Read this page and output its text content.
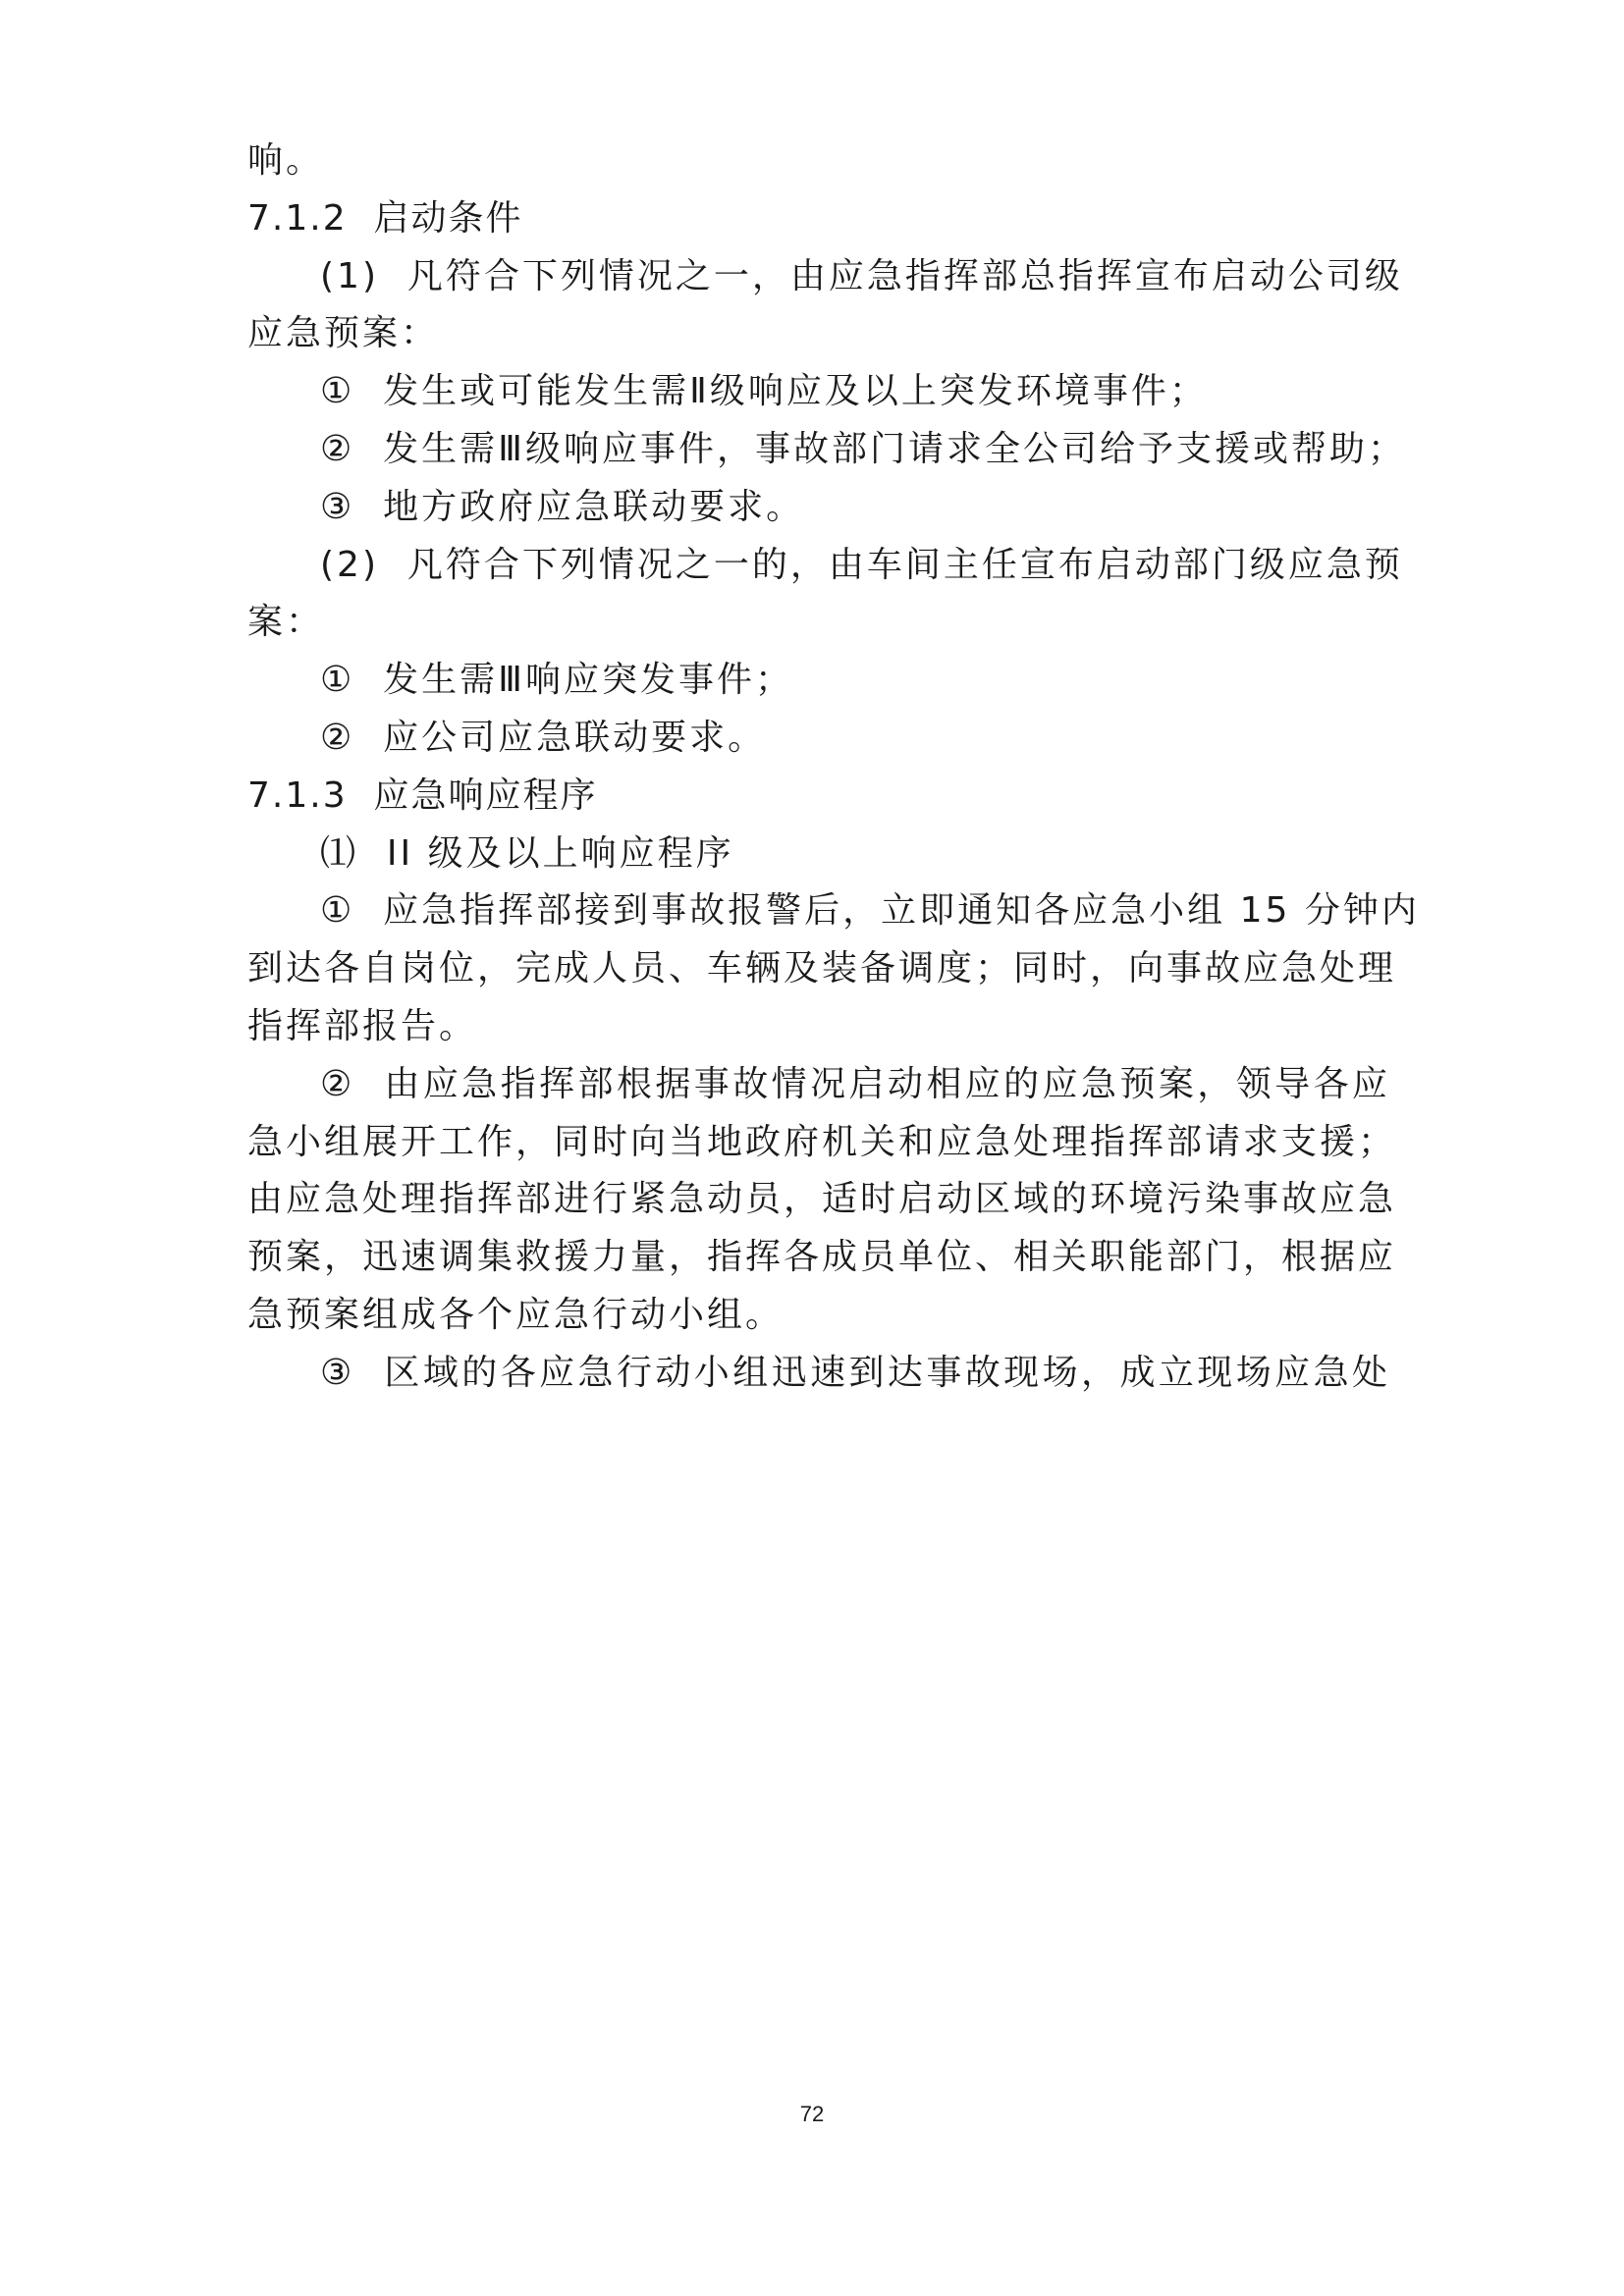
响。
7.1.2  启动条件
(1)  凡符合下列情况之一，由应急指挥部总指挥宣布启动公司级
应急预案：
①  发生或可能发生需Ⅱ级响应及以上突发环境事件；
②  发生需Ⅲ级响应事件，事故部门请求全公司给予支援或帮助；
③  地方政府应急联动要求。
(2)  凡符合下列情况之一的，由车间主任宣布启动部门级应急预
案：
①  发生需Ⅲ响应突发事件；
②  应公司应急联动要求。
7.1.3  应急响应程序
⑴  II 级及以上响应程序
①  应急指挥部接到事故报警后，立即通知各应急小组 15 分钟内
到达各自岗位，完成人员、车辆及装备调度；同时，向事故应急处理
指挥部报告。
②  由应急指挥部根据事故情况启动相应的应急预案，领导各应
急小组展开工作，同时向当地政府机关和应急处理指挥部请求支援；
由应急处理指挥部进行紧急动员，适时启动区域的环境污染事故应急
预案，迅速调集救援力量，指挥各成员单位、相关职能部门，根据应
急预案组成各个应急行动小组。
③  区域的各应急行动小组迅速到达事故现场，成立现场应急处
72
